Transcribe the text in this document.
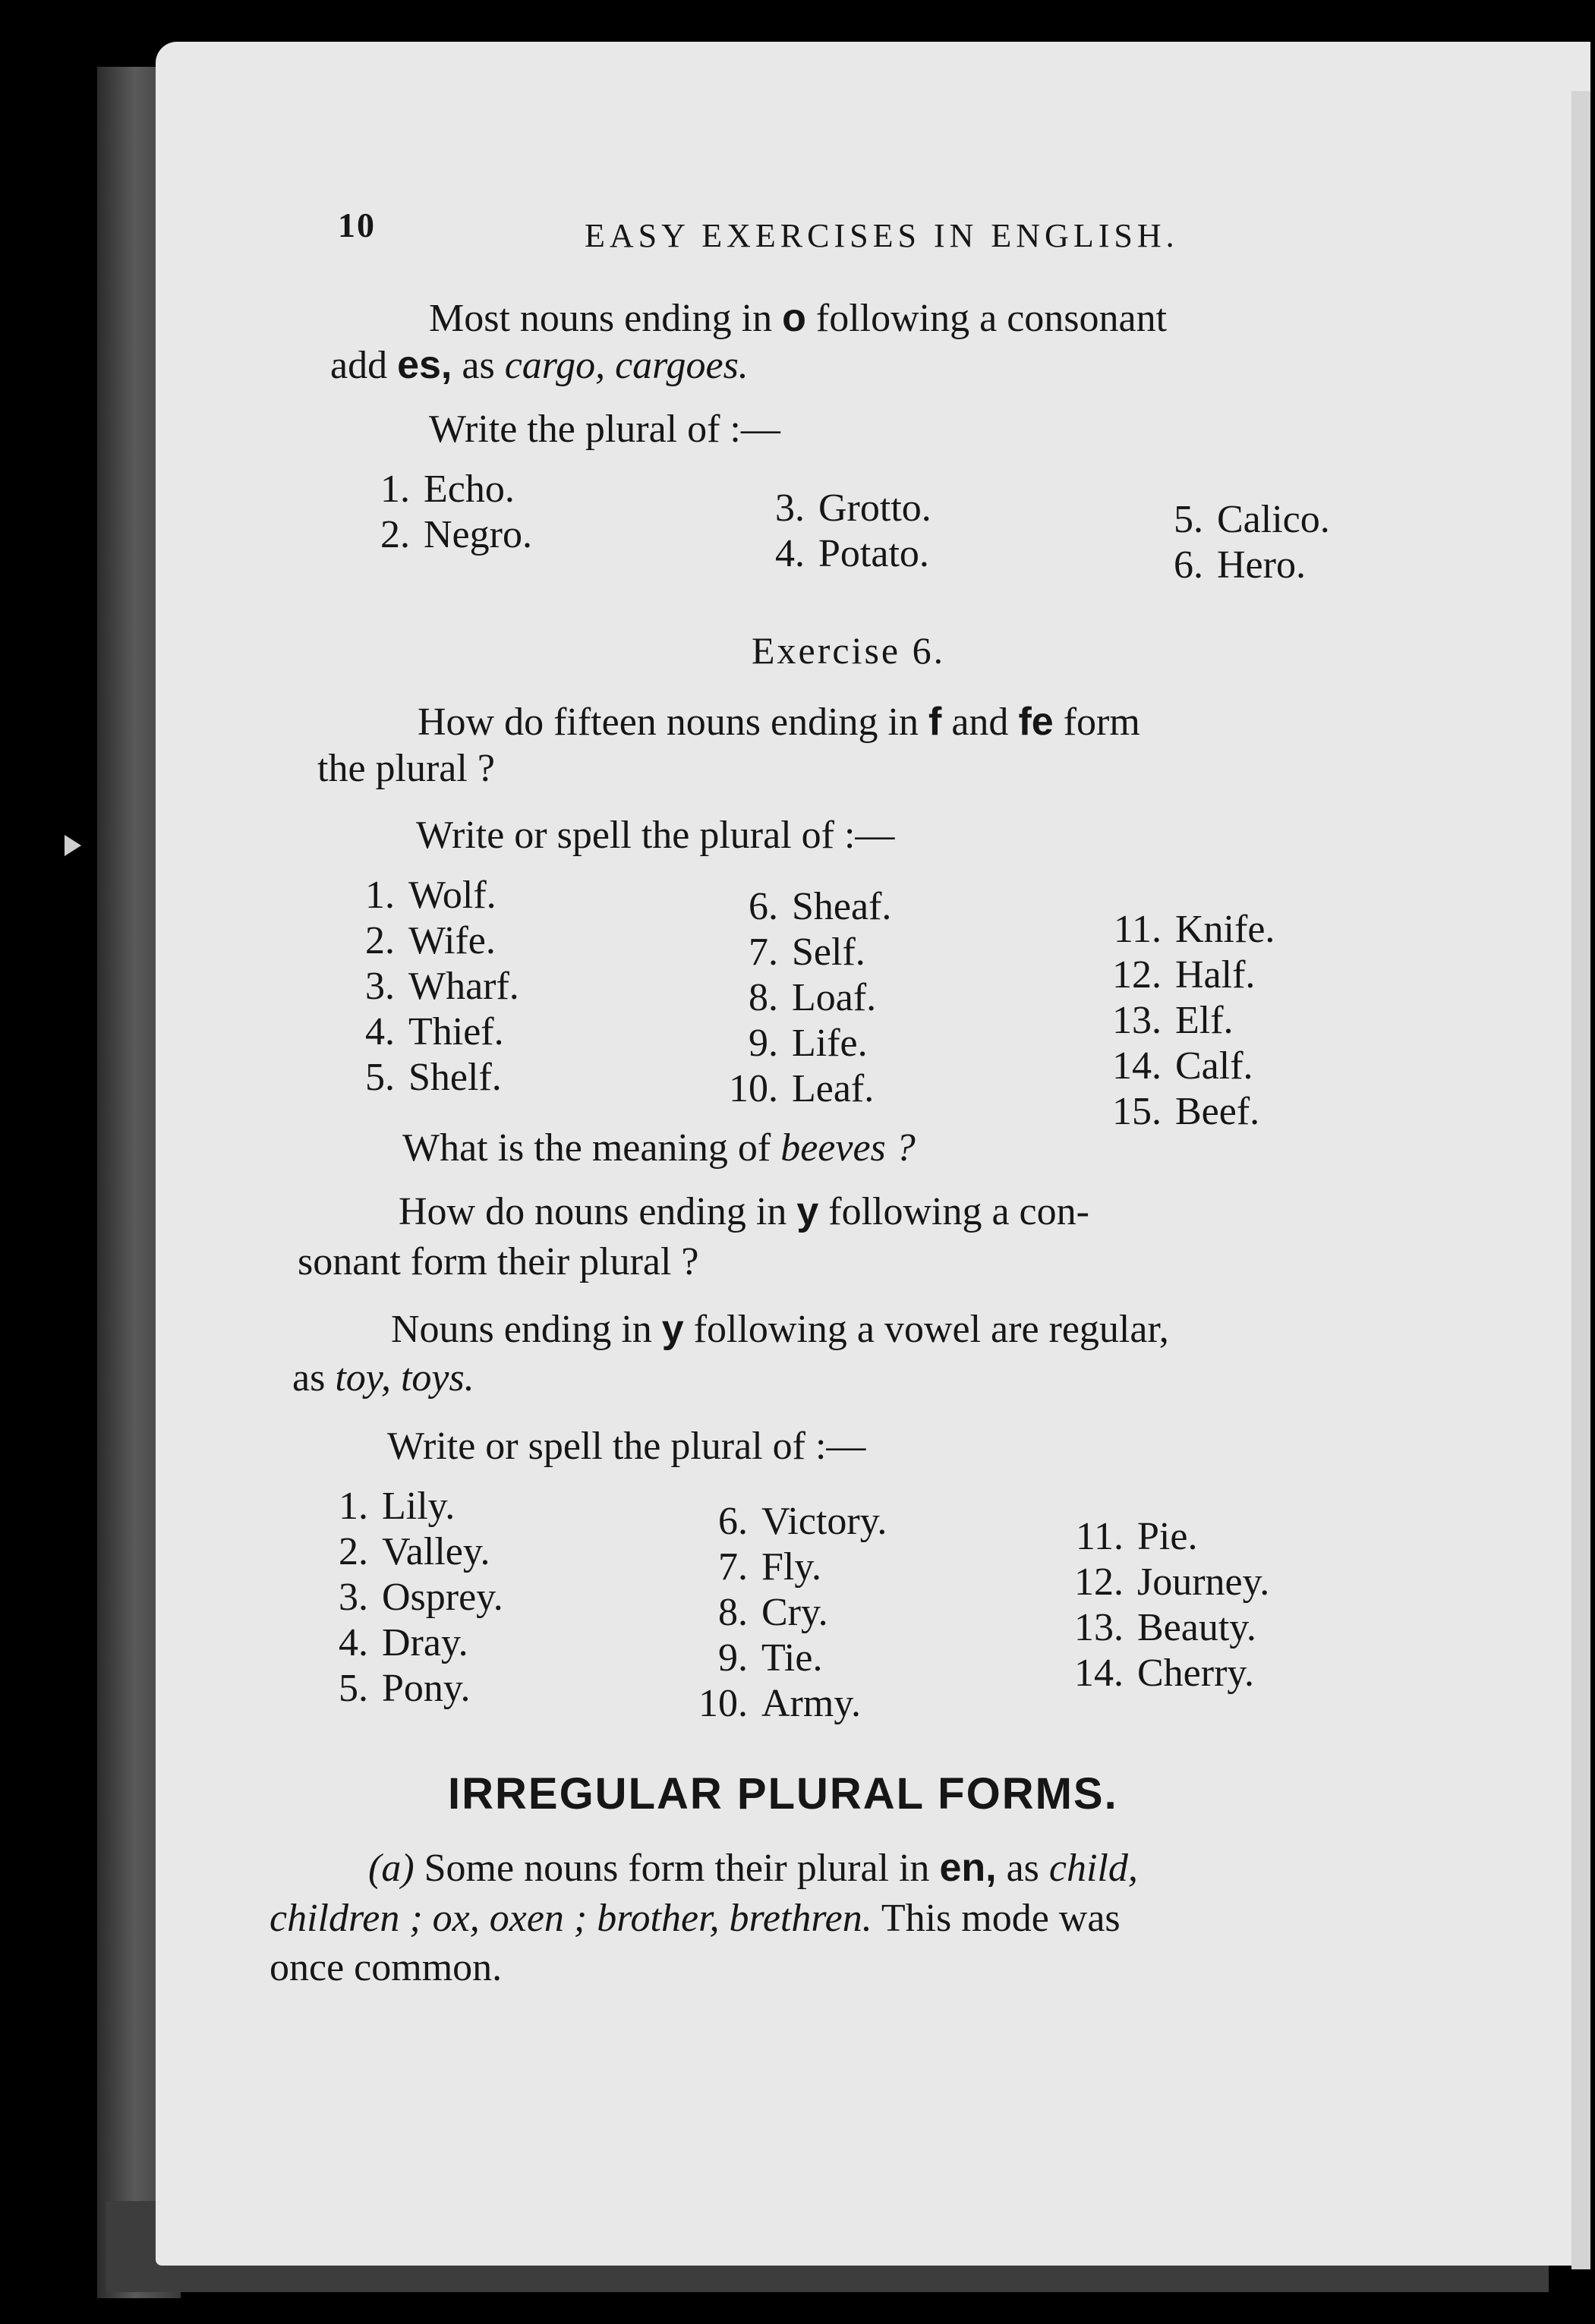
10	EASY EXERCISES IN ENGLISH.
Most nouns ending in o following a consonant
add es, as cargo, cargoes.
Write the plural of :—
1. Echo.
2. Negro.
3. Grotto.
4. Potato.
5. Calico.
6. Hero.
Exercise 6.
How do fifteen nouns ending in f and fe form
the plural ?
Write or spell the plural of :—
1. Wolf.
2. Wife.
3. Wharf.
4. Thief.
5. Shelf.
6. Sheaf.
7. Self.
8. Loaf.
9. Life.
10. Leaf.
11. Knife.
12. Half.
13. Elf.
14. Calf.
15. Beef.
What is the meaning of beeves ?
How do nouns ending in y following a con-
sonant form their plural ?
Nouns ending in y following a vowel are regular,
as toy, toys.
Write or spell the plural of :—
1. Lily.
2. Valley.
3. Osprey.
4. Dray.
5. Pony.
6. Victory.
7. Fly.
8. Cry.
9. Tie.
10. Army.
11. Pie.
12. Journey.
13. Beauty.
14. Cherry.
IRREGULAR PLURAL FORMS.
(a) Some nouns form their plural in en, as child,
children ; ox, oxen ; brother, brethren. This mode was
once common.
